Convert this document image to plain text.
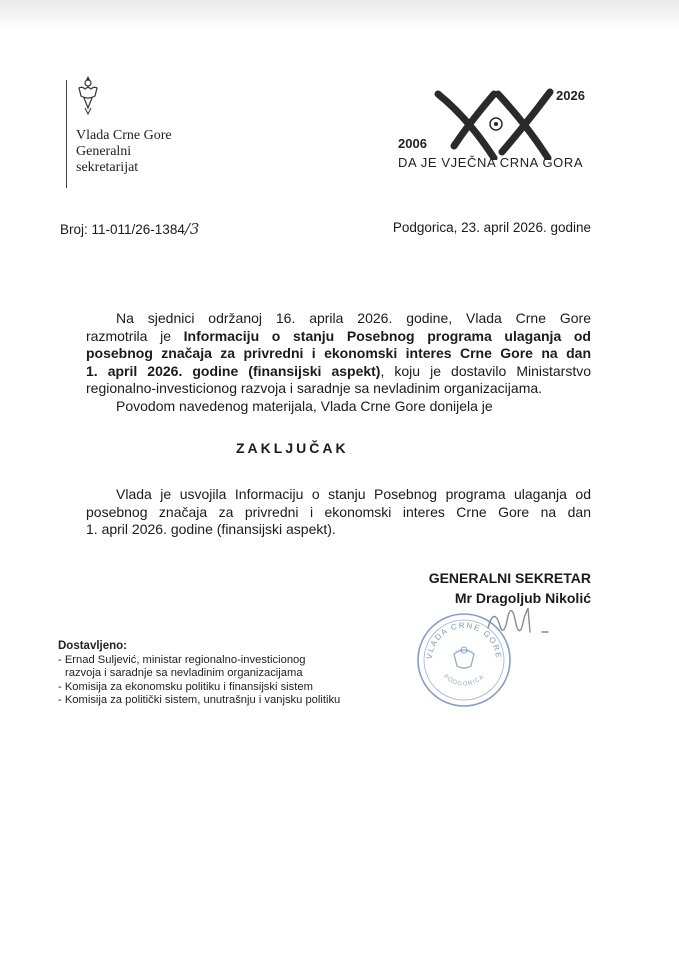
Vlada Crne Gore
Generalni
sekretarijat
2006
2026
DA JE VJEČNA CRNA GORA
Broj: 11-011/26-1384/3	Podgorica, 23. april 2026. godine
Na sjednici održanoj 16. aprila 2026. godine, Vlada Crne Gore
razmotrila je Informaciju o stanju Posebnog programa ulaganja od
posebnog značaja za privredni i ekonomski interes Crne Gore na dan
1. april 2026. godine (finansijski aspekt), koju je dostavilo Ministarstvo
regionalno-investicionog razvoja i saradnje sa nevladinim organizacijama.
Povodom navedenog materijala, Vlada Crne Gore donijela je
ZAKLJUČAK
Vlada je usvojila Informaciju o stanju Posebnog programa ulaganja od
posebnog značaja za privredni i ekonomski interes Crne Gore na dan
1. april 2026. godine (finansijski aspekt).
GENERALNI SEKRETAR
Mr Dragoljub Nikolić
VLADA CRNE GORE
PODGORICA
Dostavljeno:
- Ernad Suljević, ministar regionalno-investicionog
razvoja i saradnje sa nevladinim organizacijama
- Komisija za ekonomsku politiku i finansijski sistem
- Komisija za politički sistem, unutrašnju i vanjsku politiku
